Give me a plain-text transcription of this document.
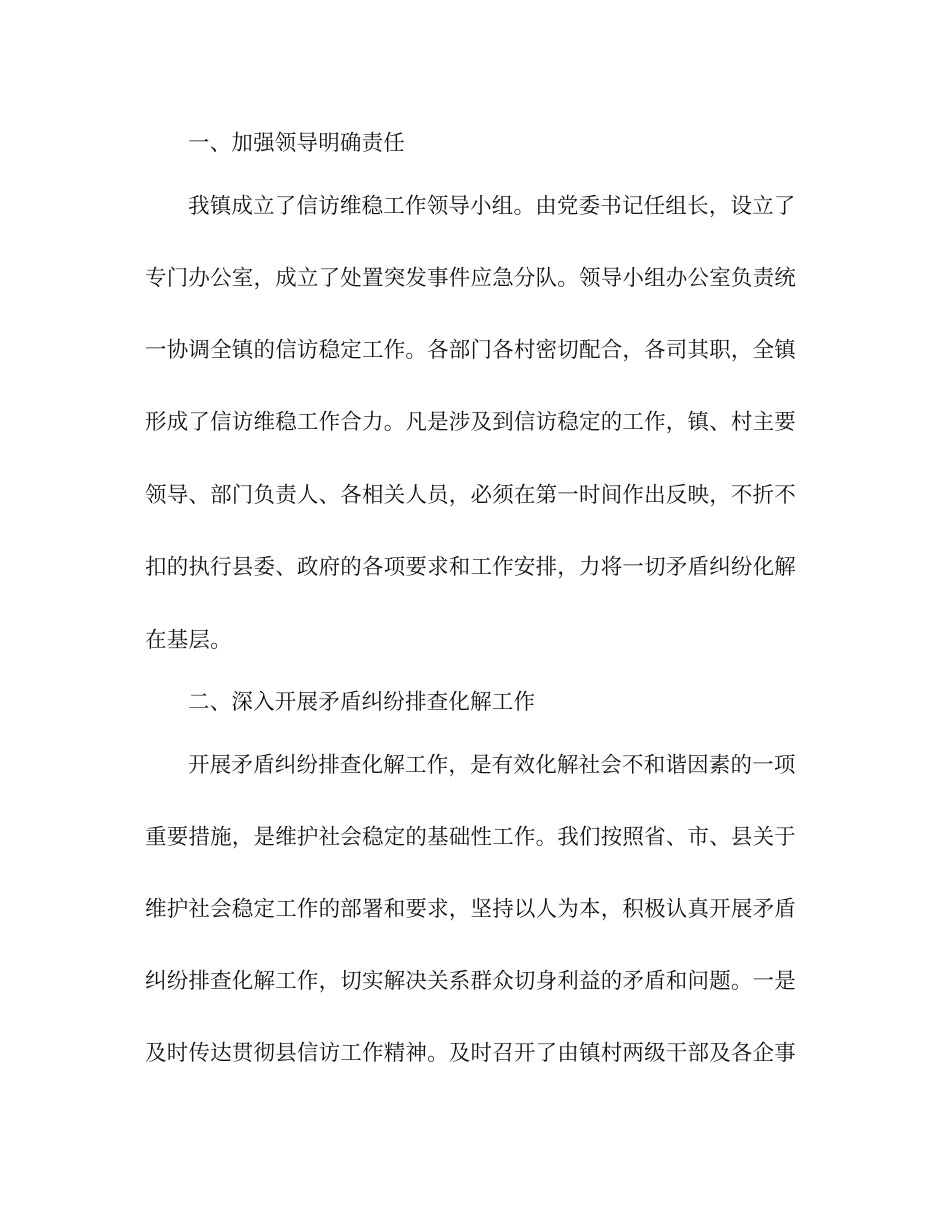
一、加强领导明确责任

我镇成立了信访维稳工作领导小组。由党委书记任组长，设立了

专门办公室，成立了处置突发事件应急分队。领导小组办公室负责统

一协调全镇的信访稳定工作。各部门各村密切配合，各司其职，全镇

形成了信访维稳工作合力。凡是涉及到信访稳定的工作，镇、村主要

领导、部门负责人、各相关人员，必须在第一时间作出反映，不折不

扣的执行县委、政府的各项要求和工作安排，力将一切矛盾纠纷化解

在基层。

二、深入开展矛盾纠纷排查化解工作

开展矛盾纠纷排查化解工作，是有效化解社会不和谐因素的一项

重要措施，是维护社会稳定的基础性工作。我们按照省、市、县关于

维护社会稳定工作的部署和要求，坚持以人为本，积极认真开展矛盾

纠纷排查化解工作，切实解决关系群众切身利益的矛盾和问题。一是

及时传达贯彻县信访工作精神。及时召开了由镇村两级干部及各企事
